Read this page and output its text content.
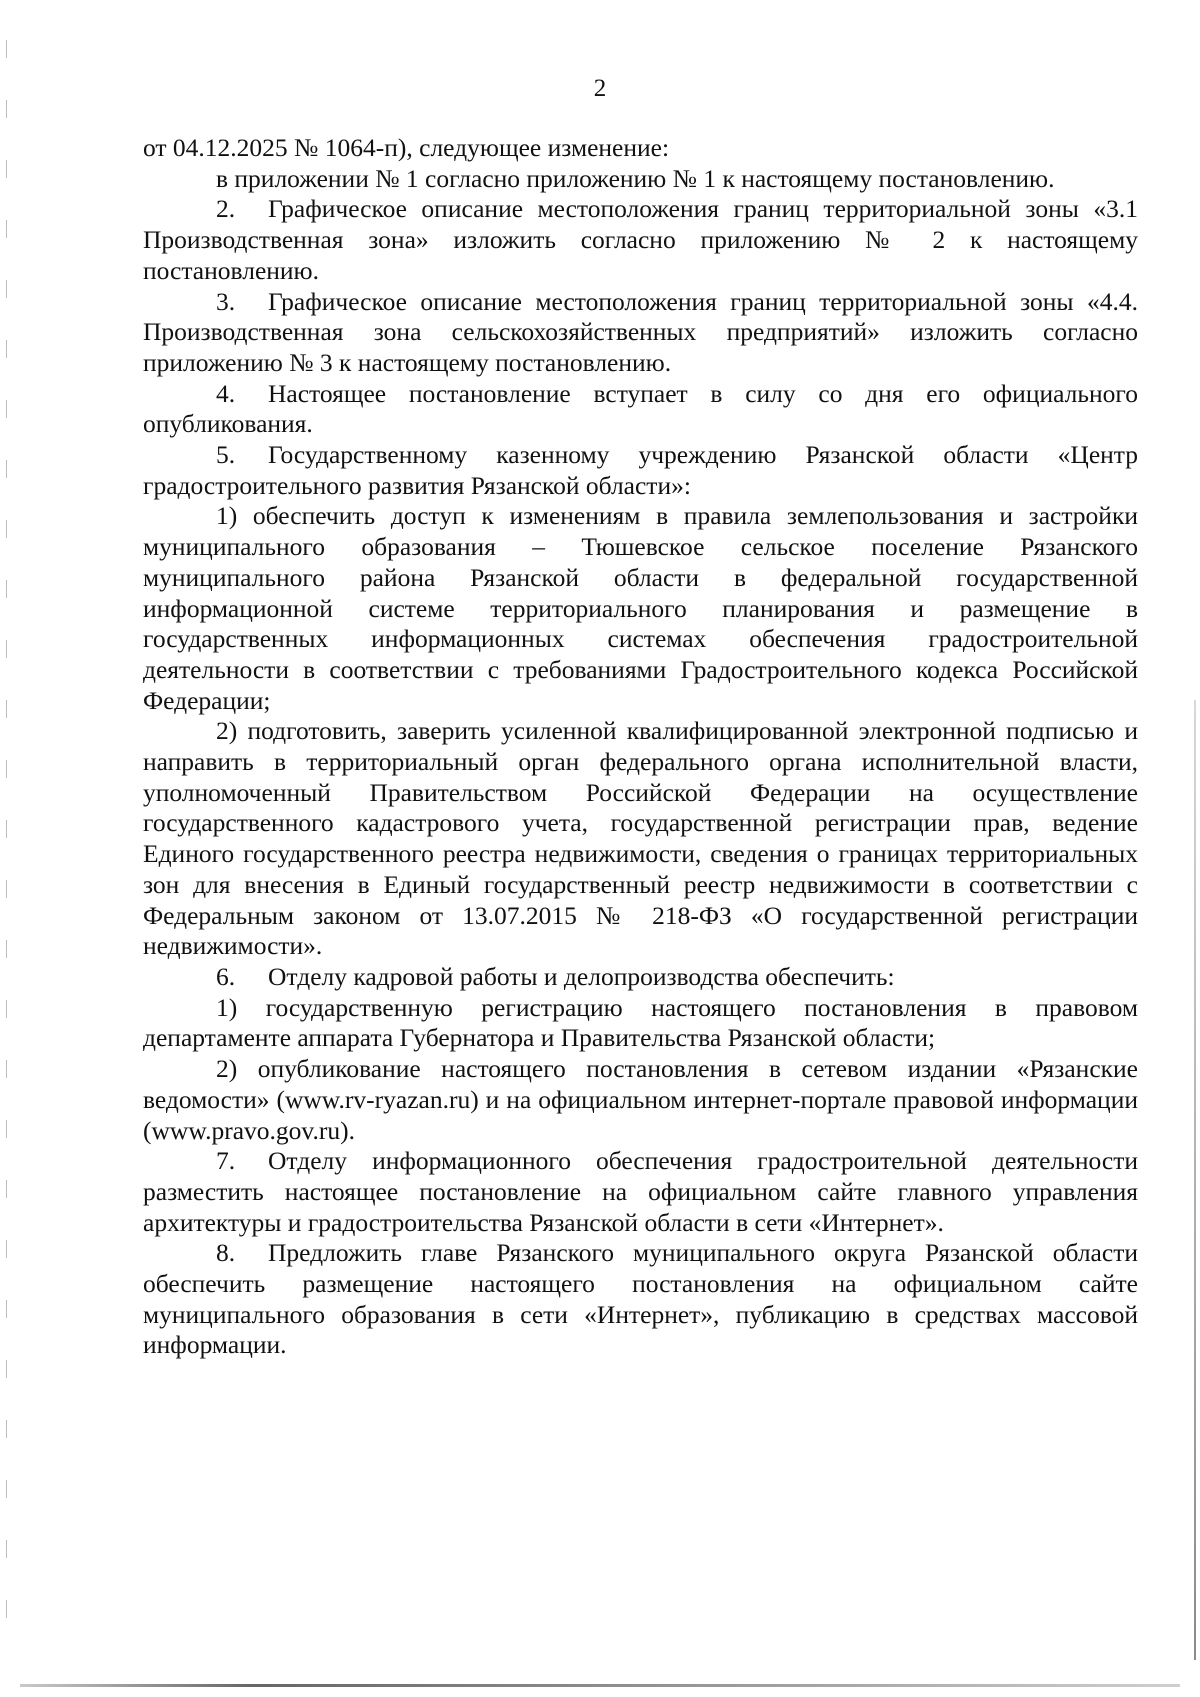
2

от 04.12.2025 № 1064-п), следующее изменение:

в приложении № 1 согласно приложению № 1 к настоящему постановлению.

2. Графическое описание местоположения границ территориальной зоны «3.1 Производственная зона» изложить согласно приложению № 2 к настоящему постановлению.

3. Графическое описание местоположения границ территориальной зоны «4.4. Производственная зона сельскохозяйственных предприятий» изложить согласно приложению № 3 к настоящему постановлению.

4. Настоящее постановление вступает в силу со дня его официального опубликования.

5. Государственному казенному учреждению Рязанской области «Центр градостроительного развития Рязанской области»:

1) обеспечить доступ к изменениям в правила землепользования и застройки муниципального образования – Тюшевское сельское поселение Рязанского муниципального района Рязанской области в федеральной государственной информационной системе территориального планирования и размещение в государственных информационных системах обеспечения градостроительной деятельности в соответствии с требованиями Градостроительного кодекса Российской Федерации;

2) подготовить, заверить усиленной квалифицированной электронной подписью и направить в территориальный орган федерального органа исполнительной власти, уполномоченный Правительством Российской Федерации на осуществление государственного кадастрового учета, государственной регистрации прав, ведение Единого государственного реестра недвижимости, сведения о границах территориальных зон для внесения в Единый государственный реестр недвижимости в соответствии с Федеральным законом от 13.07.2015 № 218-ФЗ «О государственной регистрации недвижимости».

6. Отделу кадровой работы и делопроизводства обеспечить:

1) государственную регистрацию настоящего постановления в правовом департаменте аппарата Губернатора и Правительства Рязанской области;

2) опубликование настоящего постановления в сетевом издании «Рязанские ведомости» (www.rv-ryazan.ru) и на официальном интернет-портале правовой информации (www.pravo.gov.ru).

7. Отделу информационного обеспечения градостроительной деятельности разместить настоящее постановление на официальном сайте главного управления архитектуры и градостроительства Рязанской области в сети «Интернет».

8. Предложить главе Рязанского муниципального округа Рязанской области обеспечить размещение настоящего постановления на официальном сайте муниципального образования в сети «Интернет», публикацию в средствах массовой информации.
